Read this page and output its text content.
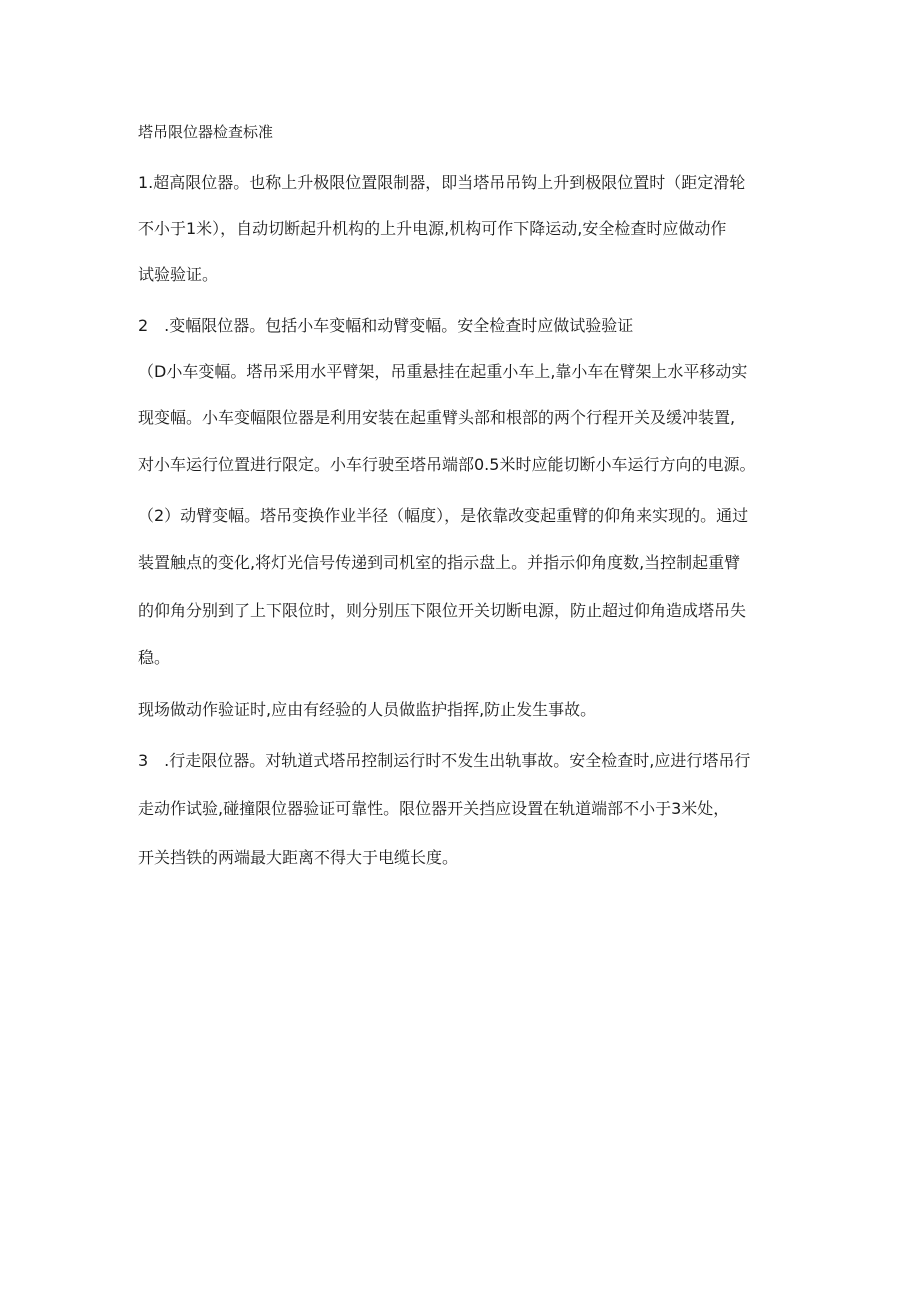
塔吊限位器检查标准
1.超高限位器。也称上升极限位置限制器，即当塔吊吊钩上升到极限位置时（距定滑轮
不小于1米），自动切断起升机构的上升电源,机构可作下降运动,安全检查时应做动作
试验验证。
2　.变幅限位器。包括小车变幅和动臂变幅。安全检查时应做试验验证
（D小车变幅。塔吊采用水平臂架，吊重悬挂在起重小车上,靠小车在臂架上水平移动实
现变幅。小车变幅限位器是利用安装在起重臂头部和根部的两个行程开关及缓冲装置,
对小车运行位置进行限定。小车行驶至塔吊端部0.5米时应能切断小车运行方向的电源。
（2）动臂变幅。塔吊变换作业半径（幅度），是依靠改变起重臂的仰角来实现的。通过
装置触点的变化,将灯光信号传递到司机室的指示盘上。并指示仰角度数,当控制起重臂
的仰角分别到了上下限位时，则分别压下限位开关切断电源，防止超过仰角造成塔吊失
稳。
现场做动作验证时,应由有经验的人员做监护指挥,防止发生事故。
3　.行走限位器。对轨道式塔吊控制运行时不发生出轨事故。安全检查时,应进行塔吊行
走动作试验,碰撞限位器验证可靠性。限位器开关挡应设置在轨道端部不小于3米处，
开关挡铁的两端最大距离不得大于电缆长度。
